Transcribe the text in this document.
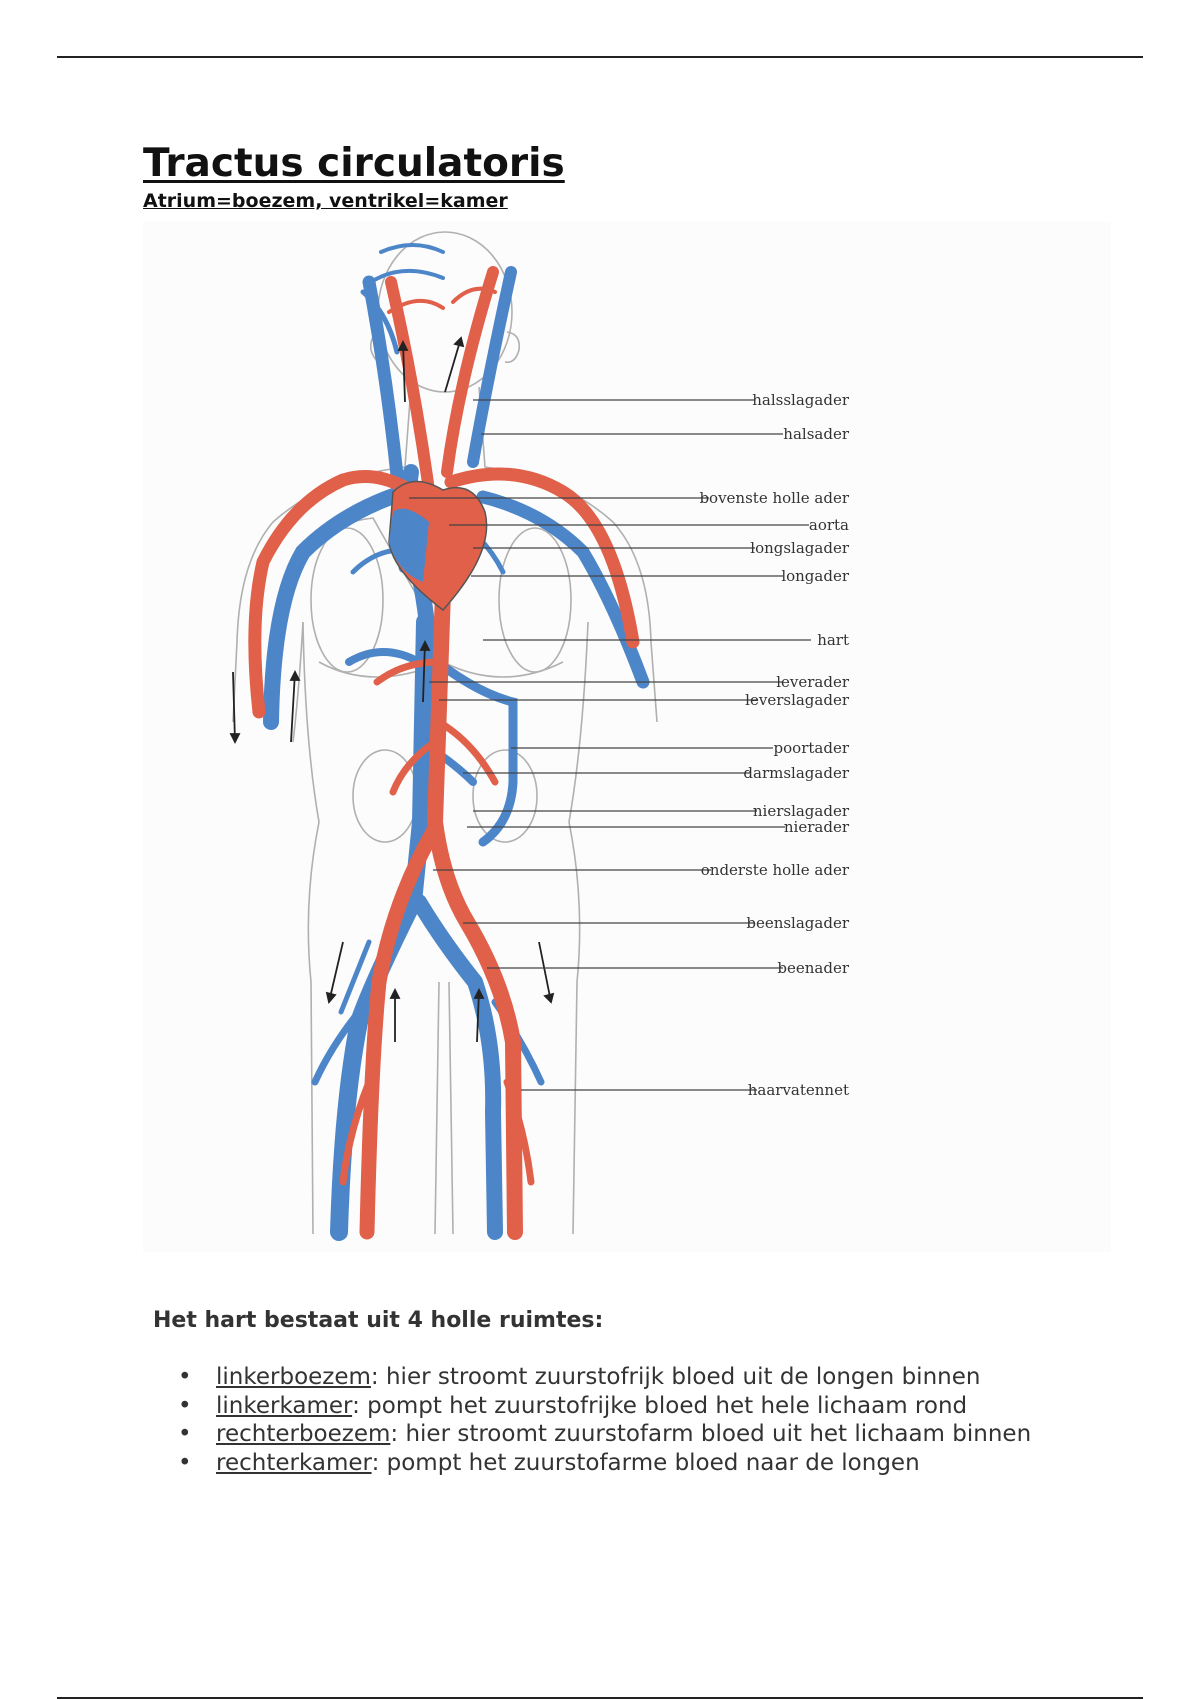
Tractus circulatoris
Atrium=boezem, ventrikel=kamer
halsslagader
halsader
bovenste holle ader
aorta
longslagader
longader
hart
leverader
leverslagader
poortader
darmslagader
nierslagader
nierader
onderste holle ader
beenslagader
beenader
haarvatennet
Het hart bestaat uit 4 holle ruimtes:
• linkerboezem: hier stroomt zuurstofrijk bloed uit de longen binnen
• linkerkamer: pompt het zuurstofrijke bloed het hele lichaam rond
• rechterboezem: hier stroomt zuurstofarm bloed uit het lichaam binnen
• rechterkamer: pompt het zuurstofarme bloed naar de longen
